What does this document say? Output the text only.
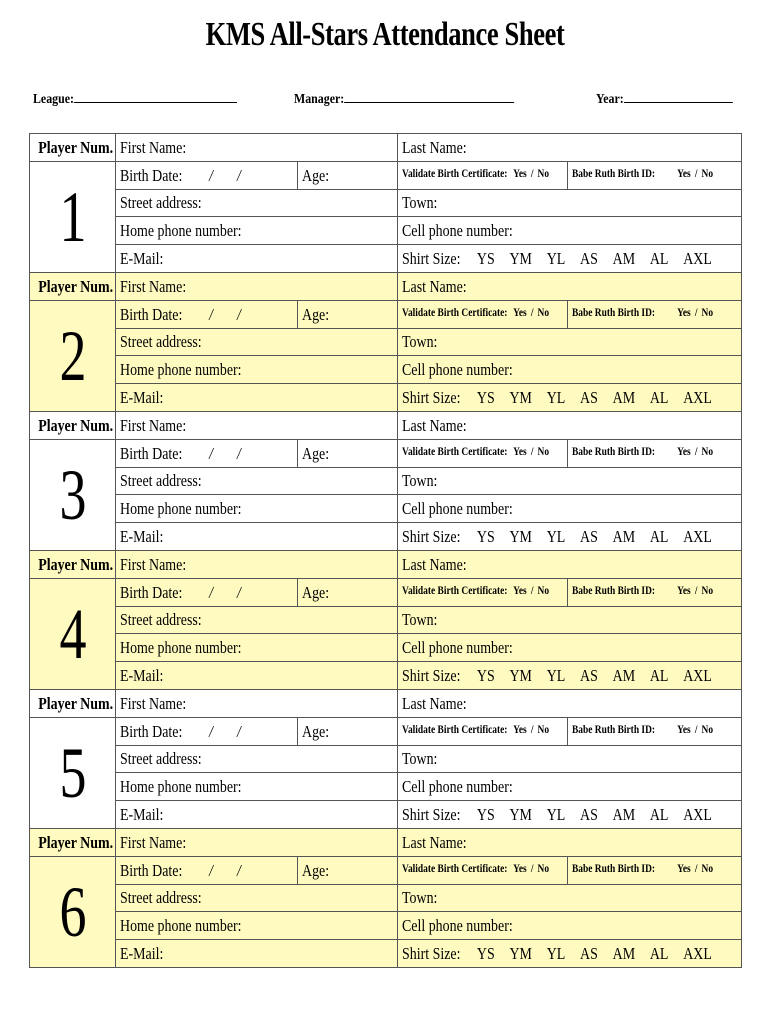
KMS All-Stars Attendance Sheet
League:	Manager:	Year:
Player Num.	First Name:		Last Name:	
1	Birth Date: / /	Age:	Validate Birth Certificate: Yes / No	Babe Ruth Birth ID: Yes / No
	Street address:		Town:	
	Home phone number:		Cell phone number:	
	E-Mail:		Shirt Size: YS YM YL AS AM AL AXL	
Player Num.	First Name:		Last Name:	
2	Birth Date: / /	Age:	Validate Birth Certificate: Yes / No	Babe Ruth Birth ID: Yes / No
	Street address:		Town:	
	Home phone number:		Cell phone number:	
	E-Mail:		Shirt Size: YS YM YL AS AM AL AXL	
Player Num.	First Name:		Last Name:	
3	Birth Date: / /	Age:	Validate Birth Certificate: Yes / No	Babe Ruth Birth ID: Yes / No
	Street address:		Town:	
	Home phone number:		Cell phone number:	
	E-Mail:		Shirt Size: YS YM YL AS AM AL AXL	
Player Num.	First Name:		Last Name:	
4	Birth Date: / /	Age:	Validate Birth Certificate: Yes / No	Babe Ruth Birth ID: Yes / No
	Street address:		Town:	
	Home phone number:		Cell phone number:	
	E-Mail:		Shirt Size: YS YM YL AS AM AL AXL	
Player Num.	First Name:		Last Name:	
5	Birth Date: / /	Age:	Validate Birth Certificate: Yes / No	Babe Ruth Birth ID: Yes / No
	Street address:		Town:	
	Home phone number:		Cell phone number:	
	E-Mail:		Shirt Size: YS YM YL AS AM AL AXL	
Player Num.	First Name:		Last Name:	
6	Birth Date: / /	Age:	Validate Birth Certificate: Yes / No	Babe Ruth Birth ID: Yes / No
	Street address:		Town:	
	Home phone number:		Cell phone number:	
	E-Mail:		Shirt Size: YS YM YL AS AM AL AXL	
